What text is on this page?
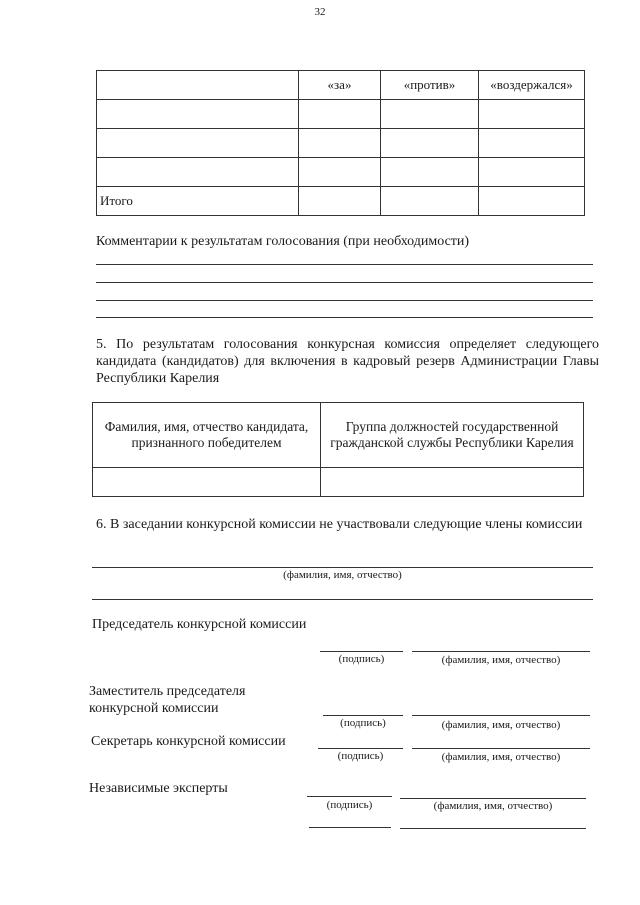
32
	«за»	«против»	«воздержался»

Итого			
Комментарии к результатам голосования (при необходимости)
5. По результатам голосования конкурсная комиссия определяет следующего кандидата (кандидатов) для включения в кадровый резерв Администрации Главы Республики Карелия
Фамилия, имя, отчество кандидата, признанного победителем	Группа должностей государственной гражданской службы Республики Карелия

6. В заседании конкурсной комиссии не участвовали следующие члены комиссии
(фамилия, имя, отчество)
Председатель конкурсной комиссии
(подпись)	(фамилия, имя, отчество)
Заместитель председателя
конкурсной комиссии
(подпись)	(фамилия, имя, отчество)
Секретарь конкурсной комиссии
(подпись)	(фамилия, имя, отчество)
Независимые эксперты
(подпись)	(фамилия, имя, отчество)
